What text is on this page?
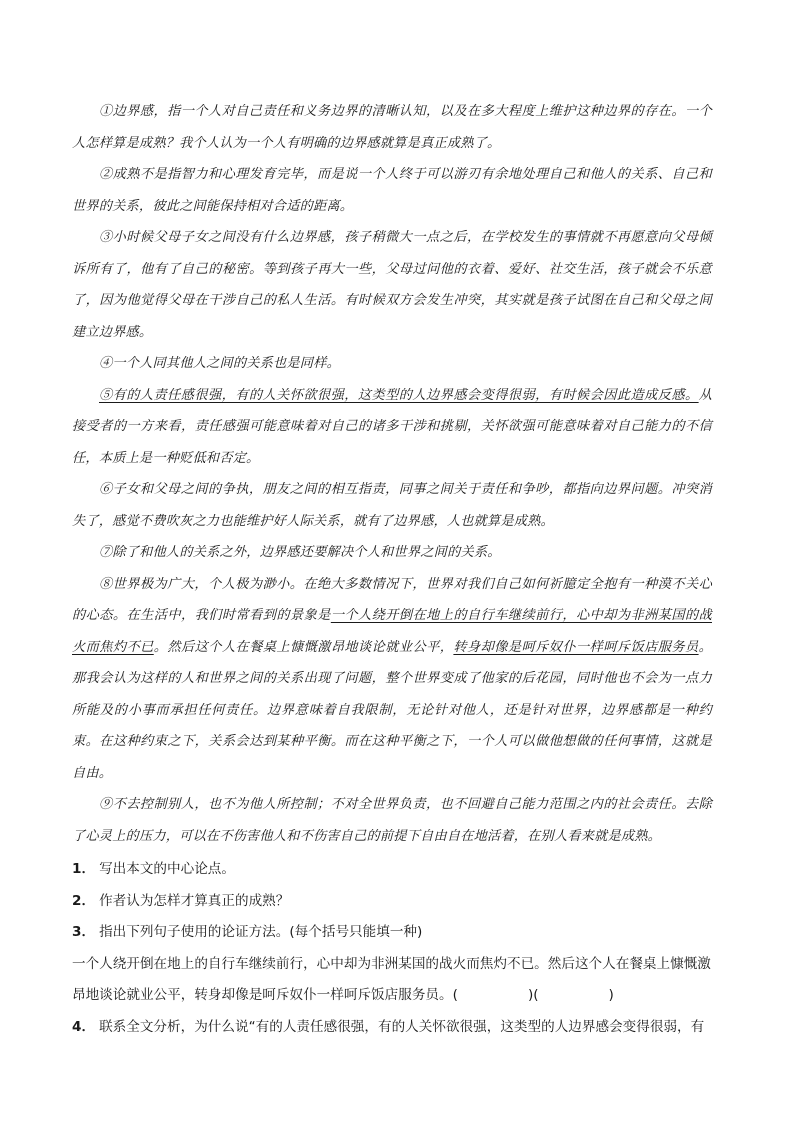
①边界感，指一个人对自己责任和义务边界的清晰认知，以及在多大程度上维护这种边界的存在。一个人怎样算是成熟？我个人认为一个人有明确的边界感就算是真正成熟了。

②成熟不是指智力和心理发育完毕，而是说一个人终于可以游刃有余地处理自己和他人的关系、自己和世界的关系，彼此之间能保持相对合适的距离。

③小时候父母子女之间没有什么边界感，孩子稍微大一点之后，在学校发生的事情就不再愿意向父母倾诉所有了，他有了自己的秘密。等到孩子再大一些，父母过问他的衣着、爱好、社交生活，孩子就会不乐意了，因为他觉得父母在干涉自己的私人生活。有时候双方会发生冲突，其实就是孩子试图在自己和父母之间建立边界感。

④一个人同其他人之间的关系也是同样。

⑤有的人责任感很强，有的人关怀欲很强，这类型的人边界感会变得很弱，有时候会因此造成反感。从接受者的一方来看，责任感强可能意味着对自己的诸多干涉和挑剔，关怀欲强可能意味着对自己能力的不信任，本质上是一种贬低和否定。

⑥子女和父母之间的争执，朋友之间的相互指责，同事之间关于责任和争吵，都指向边界问题。冲突消失了，感觉不费吹灰之力也能维护好人际关系，就有了边界感，人也就算是成熟。

⑦除了和他人的关系之外，边界感还要解决个人和世界之间的关系。

⑧世界极为广大，个人极为渺小。在绝大多数情况下，世界对我们自己如何祈臆定全抱有一种漠不关心的心态。在生活中，我们时常看到的景象是一个人绕开倒在地上的自行车继续前行，心中却为非洲某国的战火而焦灼不已。然后这个人在餐桌上慷慨激昂地谈论就业公平，转身却像是呵斥奴仆一样呵斥饭店服务员。那我会认为这样的人和世界之间的关系出现了问题，整个世界变成了他家的后花园，同时他也不会为一点力所能及的小事而承担任何责任。边界意味着自我限制，无论针对他人，还是针对世界，边界感都是一种约束。在这种约束之下，关系会达到某种平衡。而在这种平衡之下，一个人可以做他想做的任何事情，这就是自由。

⑨不去控制别人，也不为他人所控制；不对全世界负责，也不回避自己能力范围之内的社会责任。去除了心灵上的压力，可以在不伤害他人和不伤害自己的前提下自由自在地活着，在别人看来就是成熟。

1． 写出本文的中心论点。

2． 作者认为怎样才算真正的成熟？

3． 指出下列句子使用的论证方法。(每个括号只能填一种)

一个人绕开倒在地上的自行车继续前行，心中却为非洲某国的战火而焦灼不已。然后这个人在餐桌上慷慨激昂地谈论就业公平，转身却像是呵斥奴仆一样呵斥饭店服务员。(	)(	)

4． 联系全文分析，为什么说“有的人责任感很强，有的人关怀欲很强，这类型的人边界感会变得很弱，有
